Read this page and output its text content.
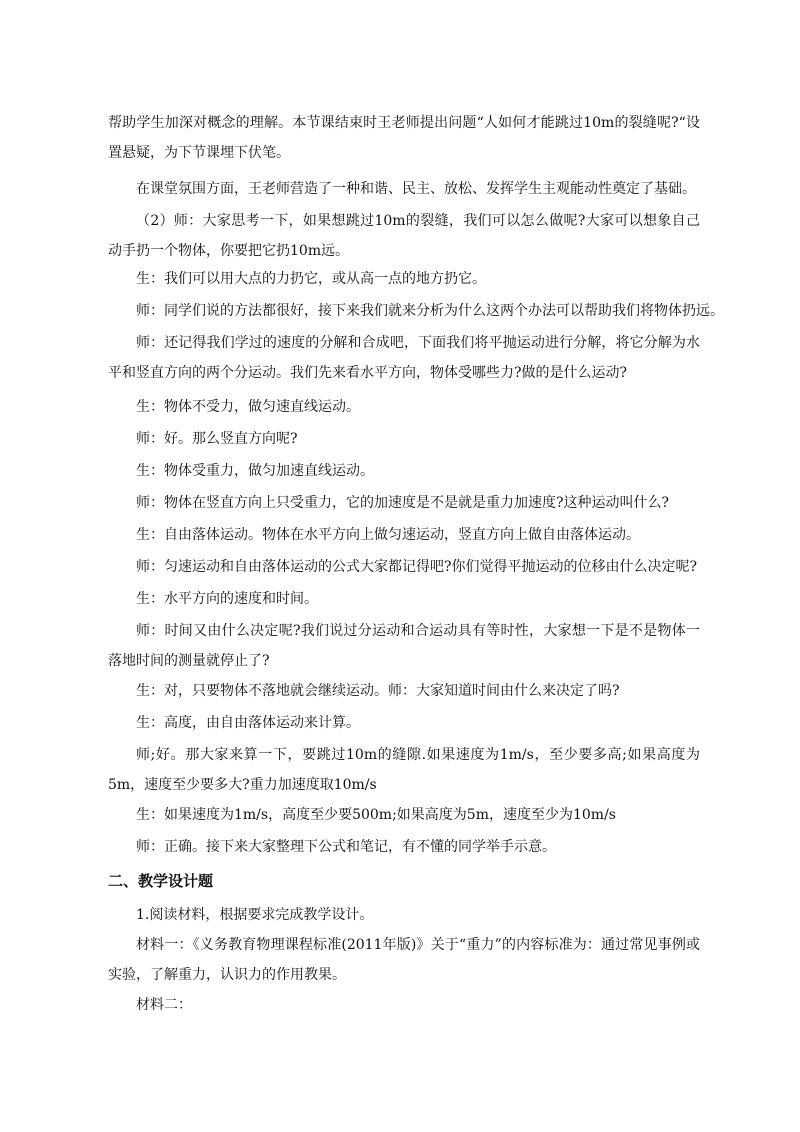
帮助学生加深对概念的理解。本节课结束时王老师提出问题“人如何才能跳过10m的裂缝呢?“设置悬疑，为下节课埋下伏笔。
在课堂氛围方面，王老师营造了一种和谐、民主、放松、发挥学生主观能动性奠定了基础。
（2）师：大家思考一下，如果想跳过10m的裂缝，我们可以怎么做呢?大家可以想象自己动手扔一个物体，你要把它扔10m远。
生：我们可以用大点的力扔它，或从高一点的地方扔它。
师：同学们说的方法都很好，接下来我们就来分析为什么这两个办法可以帮助我们将物体扔远。
师：还记得我们学过的速度的分解和合成吧，下面我们将平抛运动进行分解，将它分解为水平和竖直方向的两个分运动。我们先来看水平方向，物体受哪些力?做的是什么运动?
生：物体不受力，做匀速直线运动。
师：好。那么竖直方向呢?
生：物体受重力，做匀加速直线运动。
师：物体在竖直方向上只受重力，它的加速度是不是就是重力加速度?这种运动叫什么?
生：自由落体运动。物体在水平方向上做匀速运动，竖直方向上做自由落体运动。
师：匀速运动和自由落体运动的公式大家都记得吧?你们觉得平抛运动的位移由什么决定呢?
生：水平方向的速度和时间。
师：时间又由什么决定呢?我们说过分运动和合运动具有等时性，大家想一下是不是物体一落地时间的测量就停止了?
生：对，只要物体不落地就会继续运动。师：大家知道时间由什么来决定了吗?
生：高度，由自由落体运动来计算。
师;好。那大家来算一下，要跳过10m的缝隙.如果速度为1m/s，至少要多高;如果高度为5m，速度至少要多大?重力加速度取10m/s
生：如果速度为1m/s，高度至少要500m;如果高度为5m，速度至少为10m/s
师：正确。接下来大家整理下公式和笔记，有不懂的同学举手示意。
二、教学设计题
1.阅读材料，根据要求完成教学设计。
材料一：《义务教育物理课程标准(2011年版)》关于“重力”的内容标准为：通过常见事例或实验，了解重力，认识力的作用教果。
材料二：
